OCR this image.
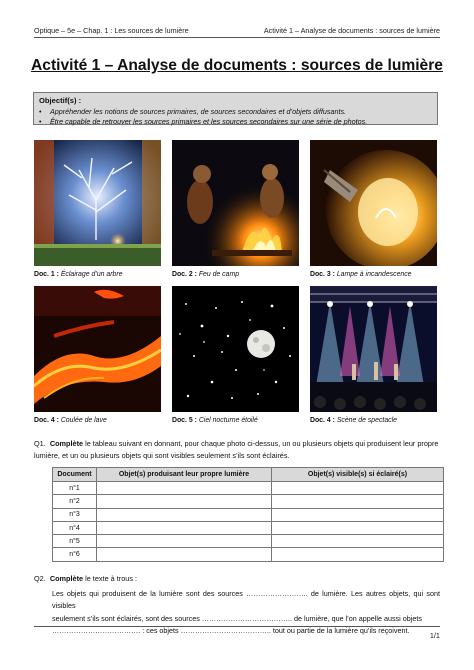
Optique – 5e – Chap. 1 : Les sources de lumière	Activité 1 – Analyse de documents : sources de lumière
Activité 1 – Analyse de documents : sources de lumière
Objectif(s) :
• Appréhender les notions de sources primaires, de sources secondaires et d’objets diffusants.
• Être capable de retrouver les sources primaires et les sources secondaires sur une série de photos.
Doc. 1 : Éclairage d’un arbre	Doc. 2 : Feu de camp	Doc. 3 : Lampe à incandescence
Doc. 4 : Coulée de lave	Doc. 5 : Ciel nocturne étoilé	Doc. 4 : Scène de spectacle
Q1. Complète le tableau suivant en donnant, pour chaque photo ci-dessus, un ou plusieurs objets qui produisent leur propre lumière, et un ou plusieurs objets qui sont visibles seulement s’ils sont éclairés.
Document	Objet(s) produisant leur propre lumière	Objet(s) visible(s) si éclairé(s)
n°1		
n°2		
n°3		
n°4		
n°5		
n°6		
Q2. Complète le texte à trous :
Les objets qui produisent de la lumière sont des sources …………………….. de lumière. Les autres objets, qui sont visibles
seulement s’ils sont éclairés, sont des sources ……………………………….. de lumière, que l’on appelle aussi objets
………………………………. : ces objets ……………………………….. tout ou partie de la lumière qu’ils reçoivent.
1/1
